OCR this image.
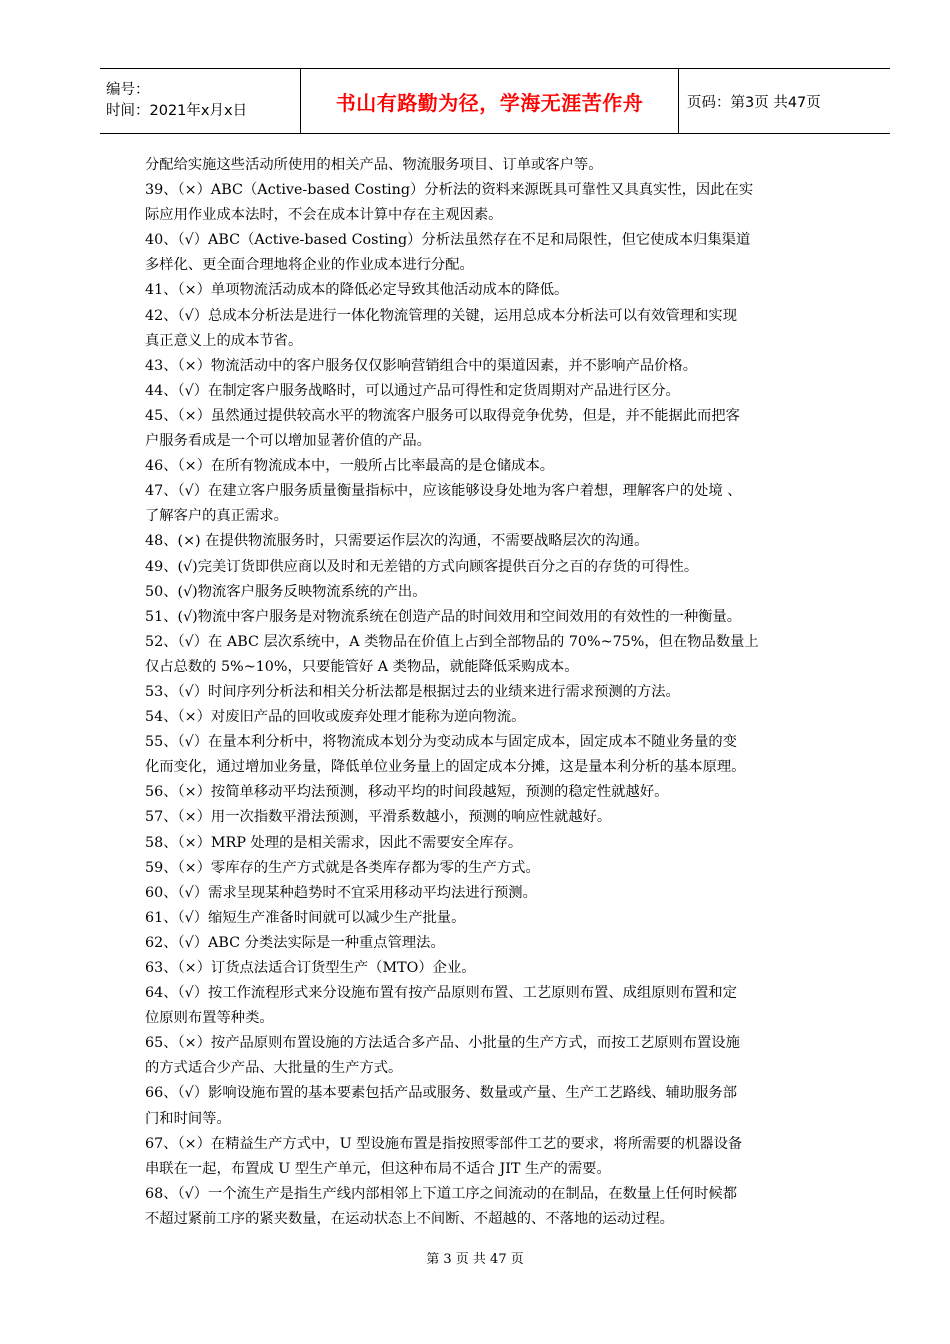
编号：
时间：2021年x月x日	书山有路勤为径，学海无涯苦作舟	页码：第3页 共47页
分配给实施这些活动所使用的相关产品、物流服务项目、订单或客户等。
39、（×）ABC（Active-based Costing）分析法的资料来源既具可靠性又具真实性，因此在实
际应用作业成本法时，不会在成本计算中存在主观因素。
40、（√）ABC（Active-based Costing）分析法虽然存在不足和局限性，但它使成本归集渠道
多样化、更全面合理地将企业的作业成本进行分配。
41、（×）单项物流活动成本的降低必定导致其他活动成本的降低。
42、（√）总成本分析法是进行一体化物流管理的关键，运用总成本分析法可以有效管理和实现
真正意义上的成本节省。
43、（×）物流活动中的客户服务仅仅影响营销组合中的渠道因素，并不影响产品价格。
44、（√）在制定客户服务战略时，可以通过产品可得性和定货周期对产品进行区分。
45、（×）虽然通过提供较高水平的物流客户服务可以取得竞争优势，但是，并不能据此而把客
户服务看成是一个可以增加显著价值的产品。
46、（×）在所有物流成本中，一般所占比率最高的是仓储成本。
47、（√）在建立客户服务质量衡量指标中，应该能够设身处地为客户着想，理解客户的处境 、
了解客户的真正需求。
48、(×) 在提供物流服务时，只需要运作层次的沟通，不需要战略层次的沟通。
49、(√)完美订货即供应商以及时和无差错的方式向顾客提供百分之百的存货的可得性。
50、(√)物流客户服务反映物流系统的产出。
51、(√)物流中客户服务是对物流系统在创造产品的时间效用和空间效用的有效性的一种衡量。
52、（√）在 ABC 层次系统中，A 类物品在价值上占到全部物品的 70%~75%，但在物品数量上
仅占总数的 5%~10%，只要能管好 A 类物品，就能降低采购成本。
53、（√）时间序列分析法和相关分析法都是根据过去的业绩来进行需求预测的方法。
54、（×）对废旧产品的回收或废弃处理才能称为逆向物流。
55、（√）在量本利分析中，将物流成本划分为变动成本与固定成本，固定成本不随业务量的变
化而变化，通过增加业务量，降低单位业务量上的固定成本分摊，这是量本利分析的基本原理。
56、（×）按简单移动平均法预测，移动平均的时间段越短，预测的稳定性就越好。
57、（×）用一次指数平滑法预测，平滑系数越小，预测的响应性就越好。
58、（×）MRP 处理的是相关需求，因此不需要安全库存。
59、（×）零库存的生产方式就是各类库存都为零的生产方式。
60、（√）需求呈现某种趋势时不宜采用移动平均法进行预测。
61、（√）缩短生产准备时间就可以减少生产批量。
62、（√）ABC 分类法实际是一种重点管理法。
63、（×）订货点法适合订货型生产（MTO）企业。
64、（√）按工作流程形式来分设施布置有按产品原则布置、工艺原则布置、成组原则布置和定
位原则布置等种类。
65、（×）按产品原则布置设施的方法适合多产品、小批量的生产方式，而按工艺原则布置设施
的方式适合少产品、大批量的生产方式。
66、（√）影响设施布置的基本要素包括产品或服务、数量或产量、生产工艺路线、辅助服务部
门和时间等。
67、（×）在精益生产方式中，U 型设施布置是指按照零部件工艺的要求，将所需要的机器设备
串联在一起，布置成 U 型生产单元，但这种布局不适合 JIT 生产的需要。
68、（√）一个流生产是指生产线内部相邻上下道工序之间流动的在制品，在数量上任何时候都
不超过紧前工序的紧夹数量，在运动状态上不间断、不超越的、不落地的运动过程。
第 3 页 共 47 页
